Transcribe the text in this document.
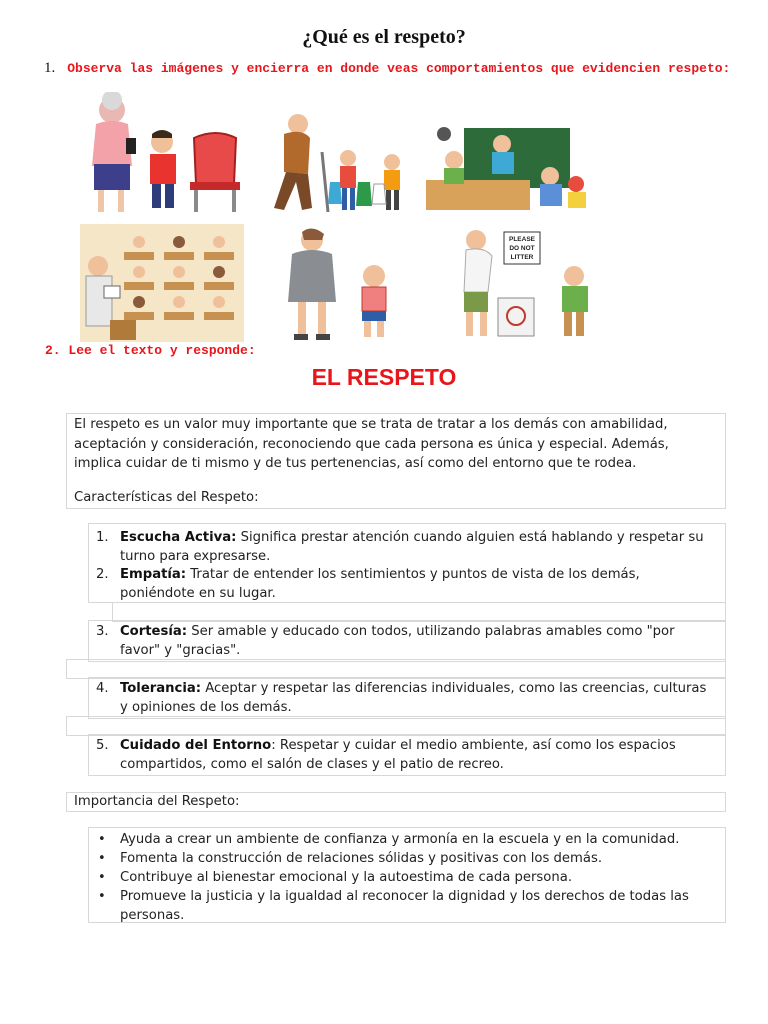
¿Qué es el respeto?
1. Observa las imágenes y encierra en donde veas comportamientos que evidencien respeto:
PLEASE
DO NOT
LITTER
2. Lee el texto y responde:
EL RESPETO
El respeto es un valor muy importante que se trata de tratar a los demás con amabilidad, aceptación y consideración, reconociendo que cada persona es única y especial. Además, implica cuidar de ti mismo y de tus pertenencias, así como del entorno que te rodea.
Características del Respeto:
1. Escucha Activa: Significa prestar atención cuando alguien está hablando y respetar su turno para expresarse.
2. Empatía: Tratar de entender los sentimientos y puntos de vista de los demás, poniéndote en su lugar.
3. Cortesía: Ser amable y educado con todos, utilizando palabras amables como "por favor" y "gracias".
4. Tolerancia: Aceptar y respetar las diferencias individuales, como las creencias, culturas y opiniones de los demás.
5. Cuidado del Entorno: Respetar y cuidar el medio ambiente, así como los espacios compartidos, como el salón de clases y el patio de recreo.
Importancia del Respeto:
• Ayuda a crear un ambiente de confianza y armonía en la escuela y en la comunidad.
• Fomenta la construcción de relaciones sólidas y positivas con los demás.
• Contribuye al bienestar emocional y la autoestima de cada persona.
• Promueve la justicia y la igualdad al reconocer la dignidad y los derechos de todas las personas.
